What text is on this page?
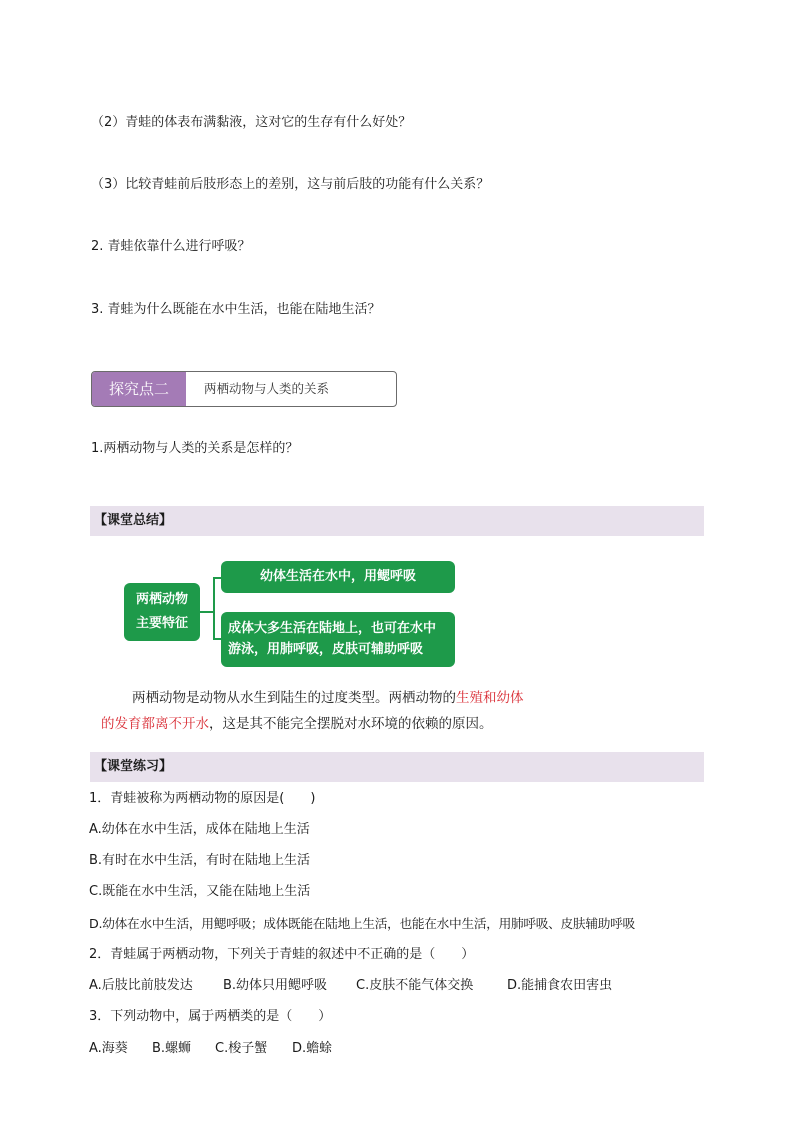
（2）青蛙的体表布满黏液，这对它的生存有什么好处？
（3）比较青蛙前后肢形态上的差别，这与前后肢的功能有什么关系？
2. 青蛙依靠什么进行呼吸？
3. 青蛙为什么既能在水中生活，也能在陆地生活？
探究点二	两栖动物与人类的关系
1.两栖动物与人类的关系是怎样的？
【课堂总结】
两栖动物
主要特征
幼体生活在水中，用鳃呼吸
成体大多生活在陆地上，也可在水中
游泳，用肺呼吸，皮肤可辅助呼吸
两栖动物是动物从水生到陆生的过度类型。两栖动物的生殖和幼体
的发育都离不开水，这是其不能完全摆脱对水环境的依赖的原因。
【课堂练习】
1．青蛙被称为两栖动物的原因是(　　)
A.幼体在水中生活，成体在陆地上生活
B.有时在水中生活，有时在陆地上生活
C.既能在水中生活，又能在陆地上生活
D.幼体在水中生活，用鳃呼吸；成体既能在陆地上生活，也能在水中生活，用肺呼吸、皮肤辅助呼吸
2．青蛙属于两栖动物，下列关于青蛙的叙述中不正确的是（　　）
A.后肢比前肢发达 B.幼体只用鳃呼吸 C.皮肤不能气体交换	D.能捕食农田害虫
3．下列动物中，属于两栖类的是（　　）
A.海葵 B.螺蛳 C.梭子蟹 D.蟾蜍
